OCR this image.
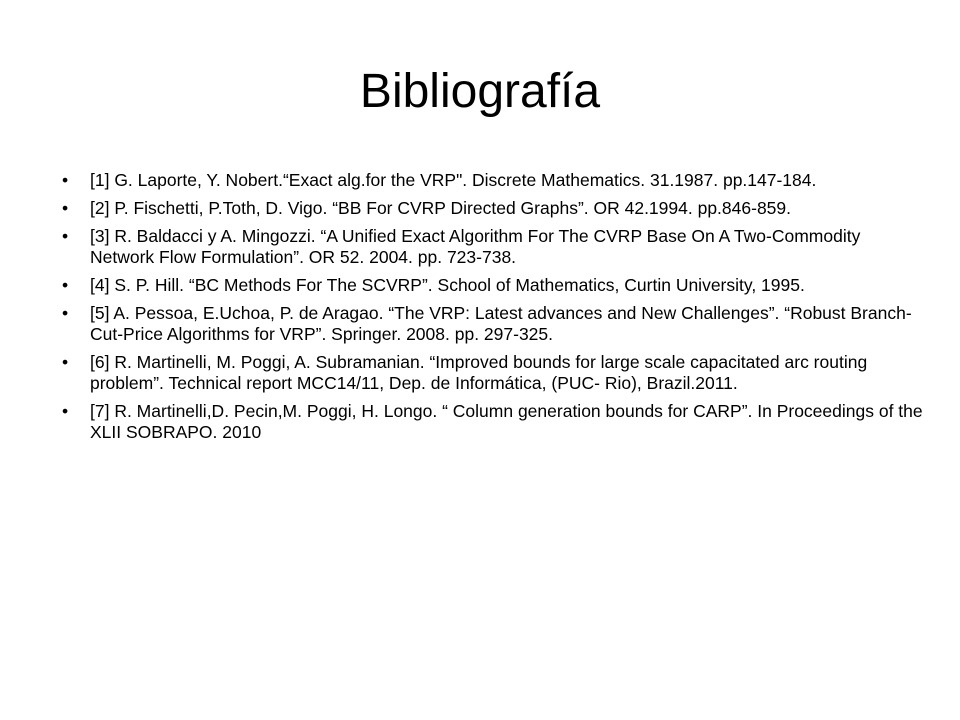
Bibliografía
• [1] G. Laporte, Y. Nobert.“Exact alg.for the VRP". Discrete Mathematics. 31.1987. pp.147-184.
• [2] P. Fischetti, P.Toth, D. Vigo. “BB For CVRP Directed Graphs”. OR 42.1994. pp.846-859.
• [3] R. Baldacci y A. Mingozzi. “A Unified Exact Algorithm For The CVRP Base On A Two-Commodity Network Flow Formulation”. OR 52. 2004. pp. 723-738.
• [4] S. P. Hill. “BC Methods For The SCVRP”. School of Mathematics, Curtin University, 1995.
• [5] A. Pessoa, E.Uchoa, P. de Aragao. “The VRP: Latest advances and New Challenges”. “Robust Branch-Cut-Price Algorithms for VRP”. Springer. 2008. pp. 297-325.
• [6] R. Martinelli, M. Poggi, A. Subramanian. “Improved bounds for large scale capacitated arc routing problem”. Technical report MCC14/11, Dep. de Informática, (PUC- Rio), Brazil.2011.
• [7] R. Martinelli,D. Pecin,M. Poggi, H. Longo. “ Column generation bounds for CARP”. In Proceedings of the XLII SOBRAPO. 2010
